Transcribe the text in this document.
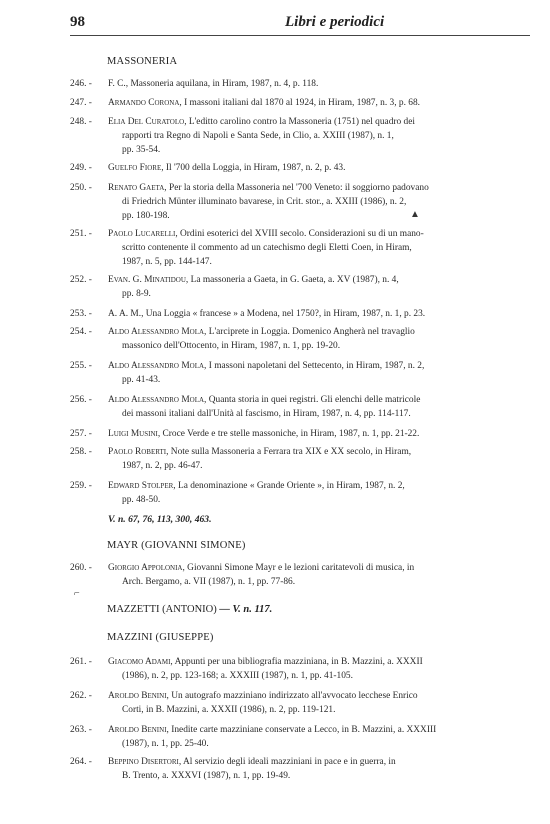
98	Libri e periodici
MASSONERIA
246. -	F. C., Massoneria aquilana, in Hiram, 1987, n. 4, p. 118.
247. -	Armando Corona, I massoni italiani dal 1870 al 1924, in Hiram, 1987, n. 3, p. 68.
248. -	Elia Del Curatolo, L'editto carolino contro la Massoneria (1751) nel quadro dei
rapporti tra Regno di Napoli e Santa Sede, in Clio, a. XXIII (1987), n. 1,
pp. 35-54.
249. -	Guelfo Fiore, Il '700 della Loggia, in Hiram, 1987, n. 2, p. 43.
250. -	Renato Gaeta, Per la storia della Massoneria nel '700 Veneto: il soggiorno padovano
di Friedrich Münter illuminato bavarese, in Crit. stor., a. XXIII (1986), n. 2,
pp. 180-198.	▲
251. -	Paolo Lucarelli, Ordini esoterici del XVIII secolo. Considerazioni su di un mano-
scritto contenente il commento ad un catechismo degli Eletti Coen, in Hiram,
1987, n. 5, pp. 144-147.
252. -	Evan. G. Minatidou, La massoneria a Gaeta, in G. Gaeta, a. XV (1987), n. 4,
pp. 8-9.
253. -	A. A. M., Una Loggia « francese » a Modena, nel 1750?, in Hiram, 1987, n. 1, p. 23.
254. -	Aldo Alessandro Mola, L'arciprete in Loggia. Domenico Angherà nel travaglio
massonico dell'Ottocento, in Hiram, 1987, n. 1, pp. 19-20.
255. -	Aldo Alessandro Mola, I massoni napoletani del Settecento, in Hiram, 1987, n. 2,
pp. 41-43.
256. -	Aldo Alessandro Mola, Quanta storia in quei registri. Gli elenchi delle matricole
dei massoni italiani dall'Unità al fascismo, in Hiram, 1987, n. 4, pp. 114-117.
257. -	Luigi Musini, Croce Verde e tre stelle massoniche, in Hiram, 1987, n. 1, pp. 21-22.
258. -	Paolo Roberti, Note sulla Massoneria a Ferrara tra XIX e XX secolo, in Hiram,
1987, n. 2, pp. 46-47.
259. -	Edward Stolper, La denominazione « Grande Oriente », in Hiram, 1987, n. 2,
pp. 48-50.
V. n. 67, 76, 113, 300, 463.
MAYR (GIOVANNI SIMONE)
260. -	Giorgio Appolonia, Giovanni Simone Mayr e le lezioni caritatevoli di musica, in
Arch. Bergamo, a. VII (1987), n. 1, pp. 77-86.
⌐
MAZZETTI (ANTONIO) — V. n. 117.
MAZZINI (GIUSEPPE)
261. -	Giacomo Adami, Appunti per una bibliografia mazziniana, in B. Mazzini, a. XXXII
(1986), n. 2, pp. 123-168; a. XXXIII (1987), n. 1, pp. 41-105.
262. -	Aroldo Benini, Un autografo mazziniano indirizzato all'avvocato lecchese Enrico
Corti, in B. Mazzini, a. XXXII (1986), n. 2, pp. 119-121.
263. -	Aroldo Benini, Inedite carte mazziniane conservate a Lecco, in B. Mazzini, a. XXXIII
(1987), n. 1, pp. 25-40.
264. -	Beppino Disertori, Al servizio degli ideali mazziniani in pace e in guerra, in
B. Trento, a. XXXVI (1987), n. 1, pp. 19-49.
